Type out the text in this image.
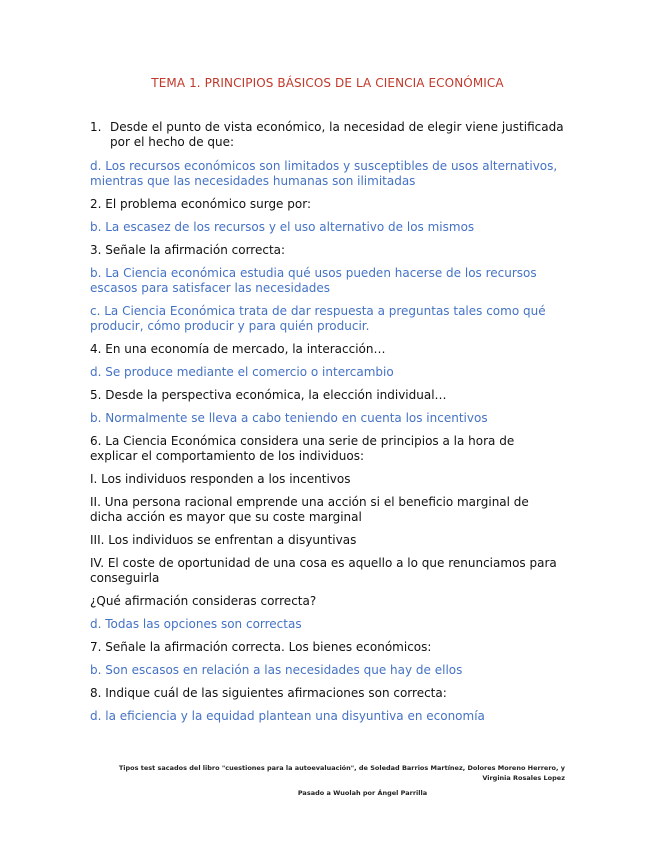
TEMA 1. PRINCIPIOS BÁSICOS DE LA CIENCIA ECONÓMICA
1. Desde el punto de vista económico, la necesidad de elegir viene justificada por el hecho de que:

d. Los recursos económicos son limitados y susceptibles de usos alternativos, mientras que las necesidades humanas son ilimitadas

2. El problema económico surge por:

b. La escasez de los recursos y el uso alternativo de los mismos

3. Señale la afirmación correcta:

b. La Ciencia económica estudia qué usos pueden hacerse de los recursos escasos para satisfacer las necesidades

c. La Ciencia Económica trata de dar respuesta a preguntas tales como qué producir, cómo producir y para quién producir.

4. En una economía de mercado, la interacción…

d. Se produce mediante el comercio o intercambio

5. Desde la perspectiva económica, la elección individual…

b. Normalmente se lleva a cabo teniendo en cuenta los incentivos

6. La Ciencia Económica considera una serie de principios a la hora de explicar el comportamiento de los individuos:

I. Los individuos responden a los incentivos

II. Una persona racional emprende una acción si el beneficio marginal de dicha acción es mayor que su coste marginal

III. Los individuos se enfrentan a disyuntivas

IV. El coste de oportunidad de una cosa es aquello a lo que renunciamos para conseguirla

¿Qué afirmación consideras correcta?

d. Todas las opciones son correctas

7. Señale la afirmación correcta. Los bienes económicos:

b. Son escasos en relación a las necesidades que hay de ellos

8. Indique cuál de las siguientes afirmaciones son correcta:

d. la eficiencia y la equidad plantean una disyuntiva en economía

Tipos test sacados del libro "cuestiones para la autoevaluación", de Soledad Barrios Martínez, Dolores Moreno Herrero, y Virginia Rosales Lopez
Pasado a Wuolah por Ángel Parrilla
